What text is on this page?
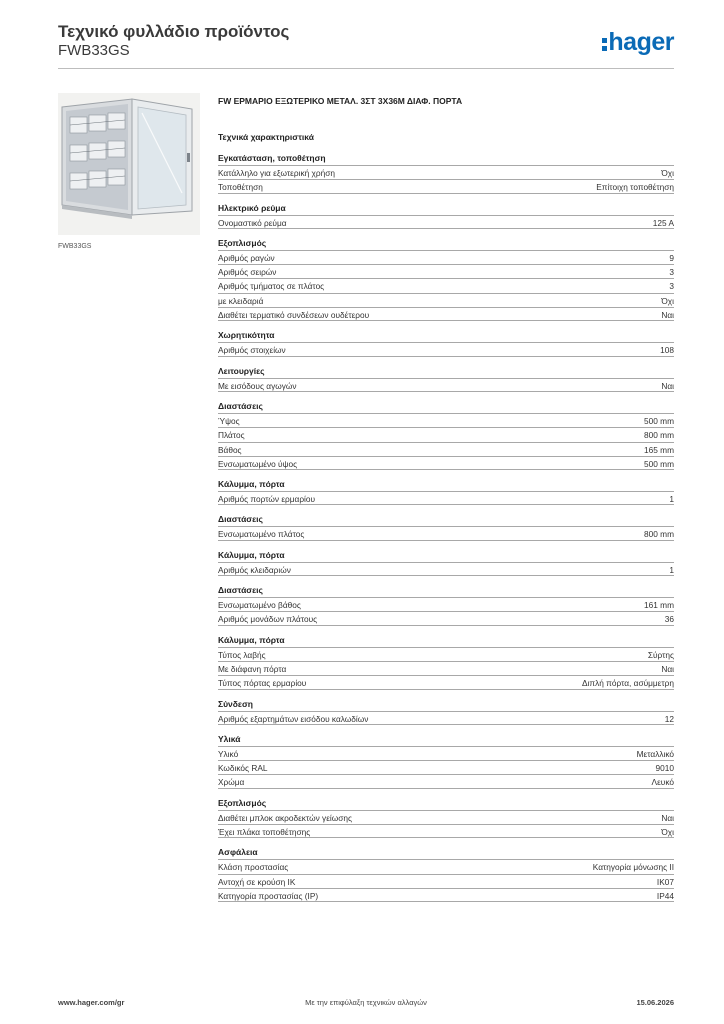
Τεχνικό φυλλάδιο προϊόντος
FWB33GS	hager
FWB33GS
FW ΕΡΜΑΡΙΟ ΕΞΩΤΕΡΙΚΟ ΜΕΤΑΛ. 3ΣΤ 3Χ36Μ ΔΙΑΦ. ΠΟΡΤΑ
Τεχνικά χαρακτηριστικά
Εγκατάσταση, τοποθέτηση
Κατάλληλο για εξωτερική χρήση	Όχι
Τοποθέτηση	Επίτοιχη τοποθέτηση
Ηλεκτρικό ρεύμα
Ονομαστικό ρεύμα	125 A
Εξοπλισμός
Αριθμός ραγών	9
Αριθμός σειρών	3
Αριθμός τμήματος σε πλάτος	3
με κλειδαριά	Όχι
Διαθέτει τερματικό συνδέσεων ουδέτερου	Ναι
Χωρητικότητα
Αριθμός στοιχείων	108
Λειτουργίες
Με εισόδους αγωγών	Ναι
Διαστάσεις
Ύψος	500 mm
Πλάτος	800 mm
Βάθος	165 mm
Ενσωματωμένο ύψος	500 mm
Κάλυμμα, πόρτα
Αριθμός πορτών ερμαρίου	1
Διαστάσεις
Ενσωματωμένο πλάτος	800 mm
Κάλυμμα, πόρτα
Αριθμός κλειδαριών	1
Διαστάσεις
Ενσωματωμένο βάθος	161 mm
Αριθμός μονάδων πλάτους	36
Κάλυμμα, πόρτα
Τύπος λαβής	Σύρτης
Με διάφανη πόρτα	Ναι
Τύπος πόρτας ερμαρίου	Διπλή πόρτα, ασύμμετρη
Σύνδεση
Αριθμός εξαρτημάτων εισόδου καλωδίων	12
Υλικά
Υλικό	Μεταλλικό
Κωδικός RAL	9010
Χρώμα	Λευκό
Εξοπλισμός
Διαθέτει μπλοκ ακροδεκτών γείωσης	Ναι
Έχει πλάκα τοποθέτησης	Όχι
Ασφάλεια
Κλάση προστασίας	Κατηγορία μόνωσης II
Αντοχή σε κρούση IK	IK07
Κατηγορία προστασίας (IP)	IP44
www.hager.com/gr	Με την επιφύλαξη τεχνικών αλλαγών	15.06.2026
